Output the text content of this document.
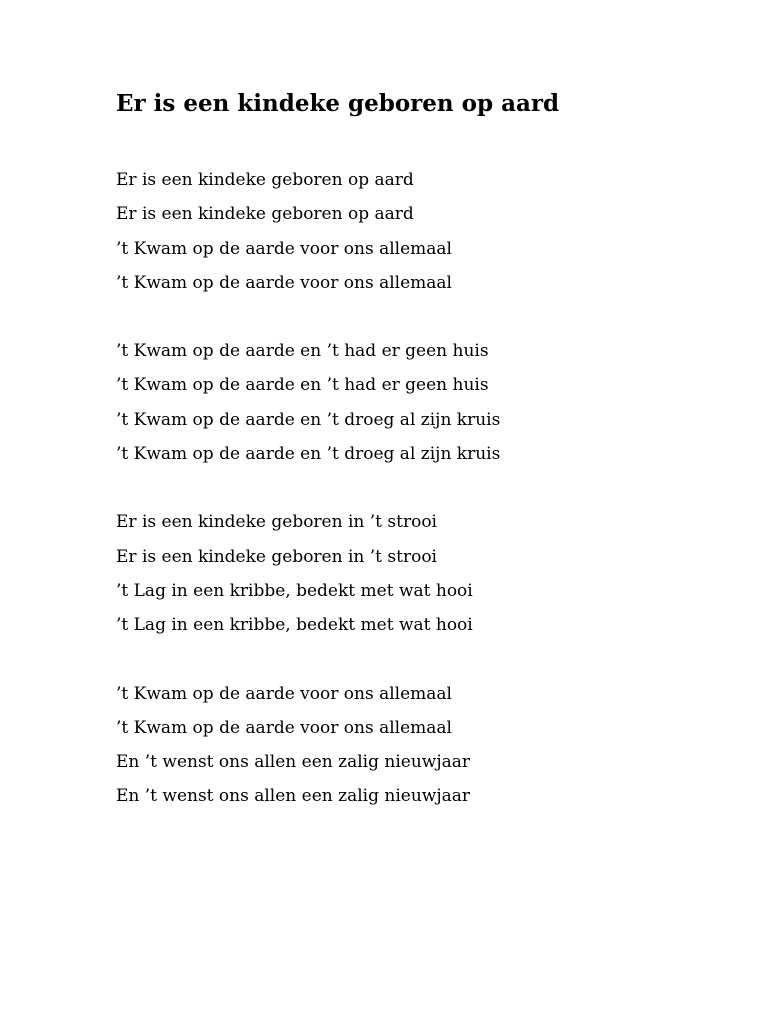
Er is een kindeke geboren op aard
Er is een kindeke geboren op aard
Er is een kindeke geboren op aard
’t Kwam op de aarde voor ons allemaal
’t Kwam op de aarde voor ons allemaal
’t Kwam op de aarde en ’t had er geen huis
’t Kwam op de aarde en ’t had er geen huis
’t Kwam op de aarde en ’t droeg al zijn kruis
’t Kwam op de aarde en ’t droeg al zijn kruis
Er is een kindeke geboren in ’t strooi
Er is een kindeke geboren in ’t strooi
’t Lag in een kribbe, bedekt met wat hooi
’t Lag in een kribbe, bedekt met wat hooi
’t Kwam op de aarde voor ons allemaal
’t Kwam op de aarde voor ons allemaal
En ’t wenst ons allen een zalig nieuwjaar
En ’t wenst ons allen een zalig nieuwjaar
